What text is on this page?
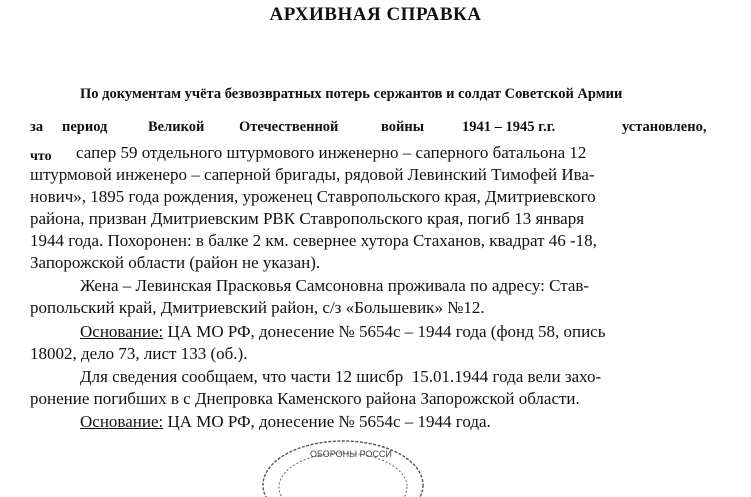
АРХИВНАЯ СПРАВКА
По документам учёта безвозвратных потерь сержантов и солдат Советской Армии
за период	Великой Отечественной	войны	1941 – 1945 г.г.	установлено,
что сапер 59 отдельного штурмового инженерно – саперного батальона 12
штурмовой инженеро – саперной бригады, рядовой Левинский Тимофей Ива-
нович», 1895 года рождения, уроженец Ставропольского края, Дмитриевского
района, призван Дмитриевским РВК Ставропольского края, погиб 13 января
1944 года. Похоронен: в балке 2 км. севернее хутора Стаханов, квадрат 46 -18,
Запорожской области (район не указан).
Жена – Левинская Прасковья Самсоновна проживала по адресу: Став-
ропольский край, Дмитриевский район, с/з «Большевик» №12.
Основание: ЦА МО РФ, донесение № 5654с – 1944 года (фонд 58, опись
18002, дело 73, лист 133 (об.).
Для сведения сообщаем, что части 12 шисбр  15.01.1944 года вели захо-
ронение погибших в с Днепровка Каменского района Запорожской области.
Основание: ЦА МО РФ, донесение № 5654с – 1944 года.
ОБОРОНЫ РОССИ
